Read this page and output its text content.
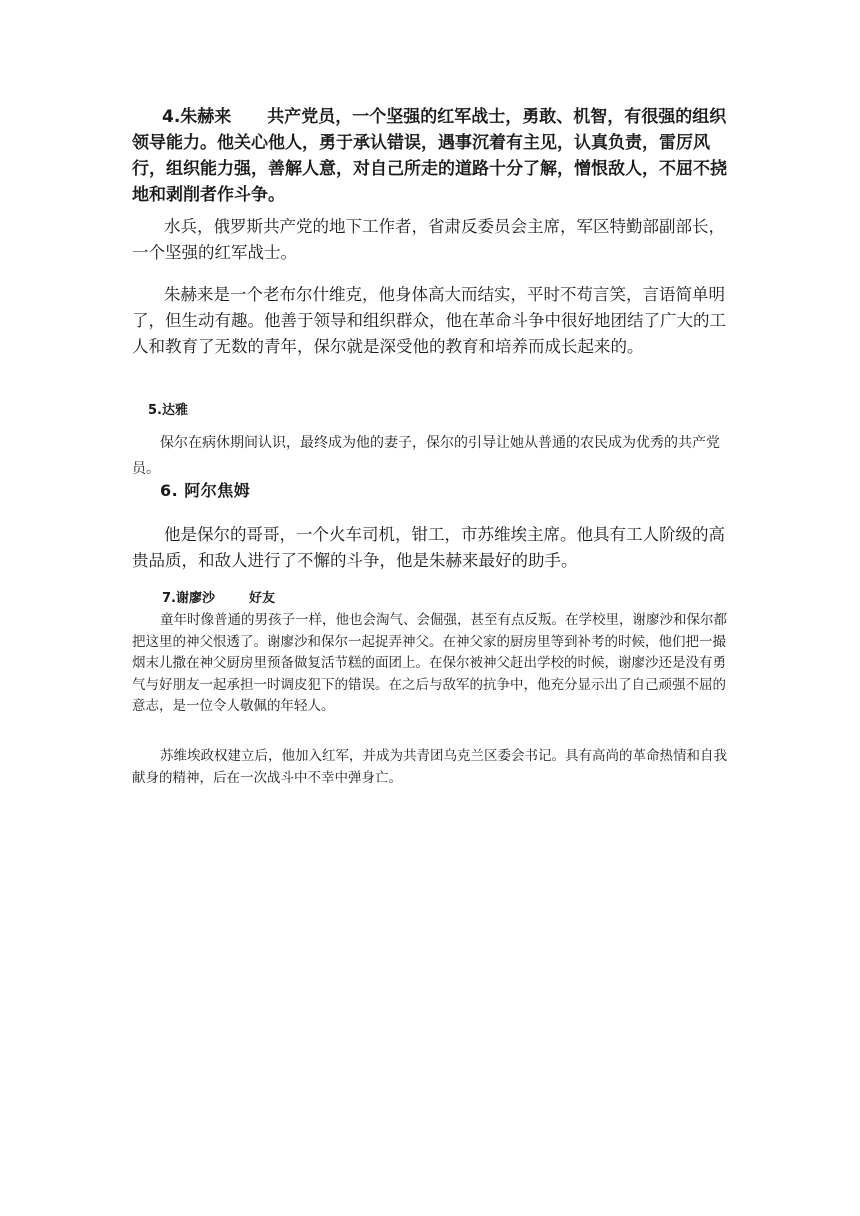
4.朱赫来 共产党员，一个坚强的红军战士，勇敢、机智，有很强的组织领导能力。他关心他人，勇于承认错误，遇事沉着有主见，认真负责，雷厉风行，组织能力强，善解人意，对自己所走的道路十分了解，憎恨敌人，不屈不挠地和剥削者作斗争。

水兵，俄罗斯共产党的地下工作者，省肃反委员会主席，军区特勤部副部长，一个坚强的红军战士。

朱赫来是一个老布尔什维克，他身体高大而结实，平时不苟言笑，言语简单明了，但生动有趣。他善于领导和组织群众，他在革命斗争中很好地团结了广大的工人和教育了无数的青年，保尔就是深受他的教育和培养而成长起来的。

5.达雅

保尔在病休期间认识，最终成为他的妻子，保尔的引导让她从普通的农民成为优秀的共产党员。

6. 阿尔焦姆

他是保尔的哥哥，一个火车司机，钳工，市苏维埃主席。他具有工人阶级的高贵品质，和敌人进行了不懈的斗争，他是朱赫来最好的助手。

7.谢廖沙	好友

童年时像普通的男孩子一样，他也会淘气、会倔强，甚至有点反叛。在学校里，谢廖沙和保尔都把这里的神父恨透了。谢廖沙和保尔一起捉弄神父。在神父家的厨房里等到补考的时候，他们把一撮烟末儿撒在神父厨房里预备做复活节糕的面团上。在保尔被神父赶出学校的时候，谢廖沙还是没有勇气与好朋友一起承担一时调皮犯下的错误。在之后与敌军的抗争中，他充分显示出了自己顽强不屈的意志，是一位令人敬佩的年轻人。

苏维埃政权建立后，他加入红军，并成为共青团乌克兰区委会书记。具有高尚的革命热情和自我献身的精神，后在一次战斗中不幸中弹身亡。
